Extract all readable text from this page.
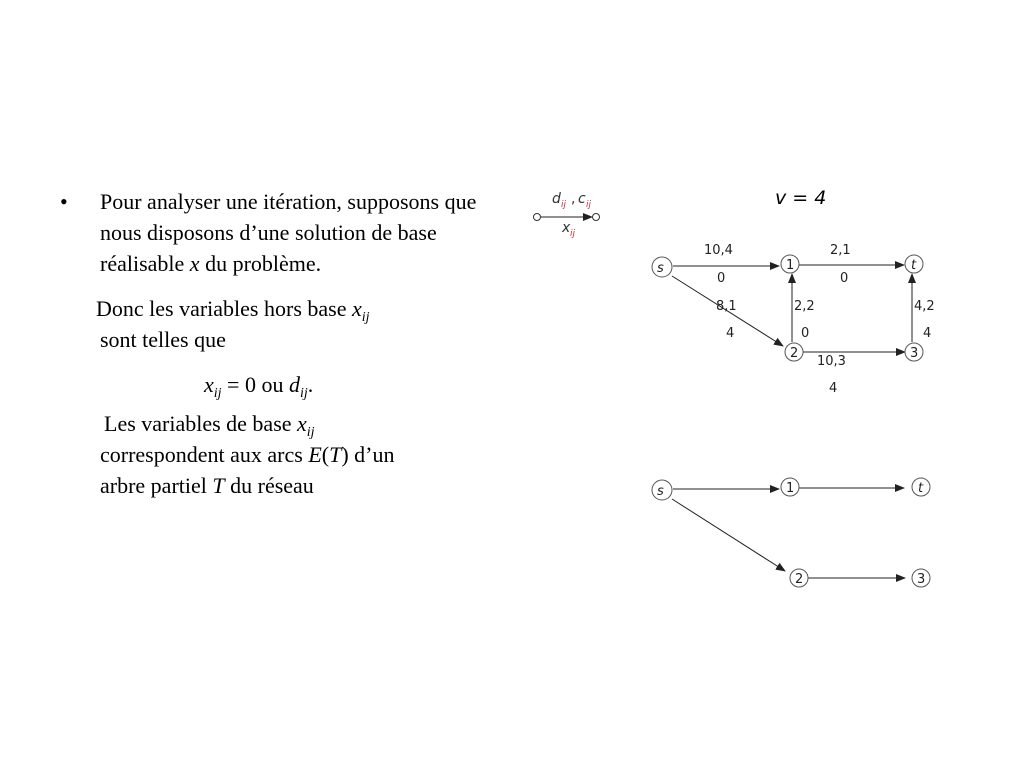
• Pour analyser une itération, supposons que nous disposons d’une solution de base réalisable x du problème.
Donc les variables hors base $x_{ij}$
sont telles que
$x_{ij} = 0$ ou $d_{ij}$.
Les variables de base $x_{ij}$
correspondent aux arcs E(T) d’un
arbre partiel T du réseau
d ij , c ij
x ij
v = 4
10,4
0
2,1
0
8,1
4
2,2
0
4,2
4
10,3
4
s	1	t
2	3
s	1	t
2	3
